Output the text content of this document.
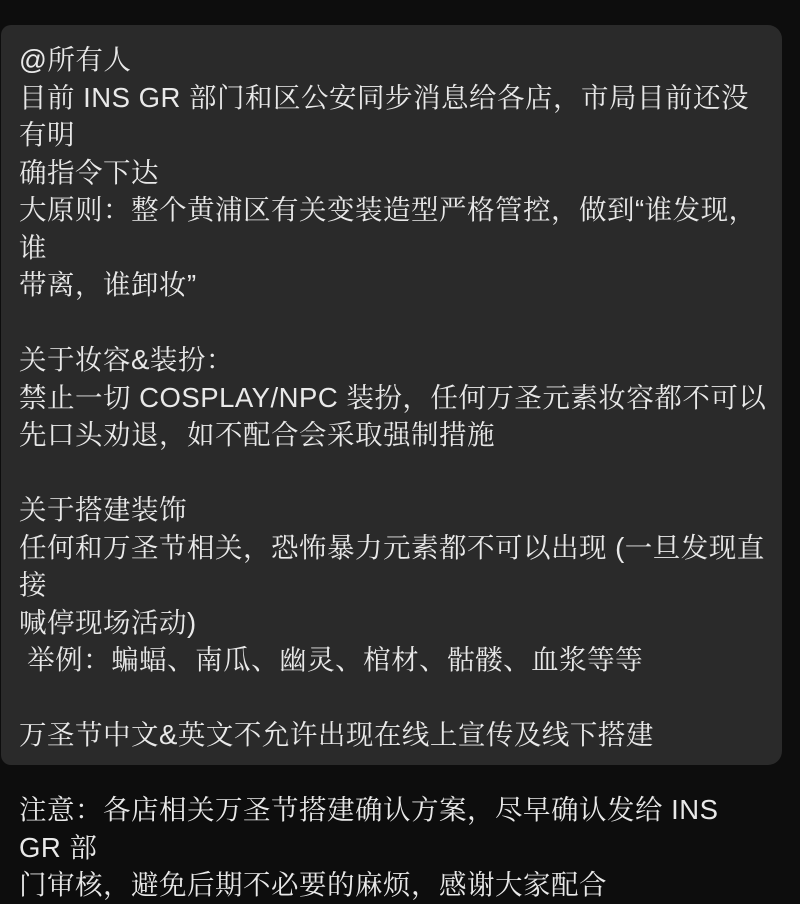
@所有人
目前 INS GR 部门和区公安同步消息给各店，市局目前还没有明
确指令下达
大原则：整个黄浦区有关变装造型严格管控，做到“谁发现，谁
带离，谁卸妆”
关于妆容&装扮：
禁止一切 COSPLAY/NPC 装扮，任何万圣元素妆容都不可以
先口头劝退，如不配合会采取强制措施
关于搭建装饰
任何和万圣节相关，恐怖暴力元素都不可以出现 (一旦发现直接
喊停现场活动)
举例：蝙蝠、南瓜、幽灵、棺材、骷髅、血浆等等
万圣节中文&英文不允许出现在线上宣传及线下搭建
注意：各店相关万圣节搭建确认方案，尽早确认发给 INS GR 部
门审核，避免后期不必要的麻烦，感谢大家配合
